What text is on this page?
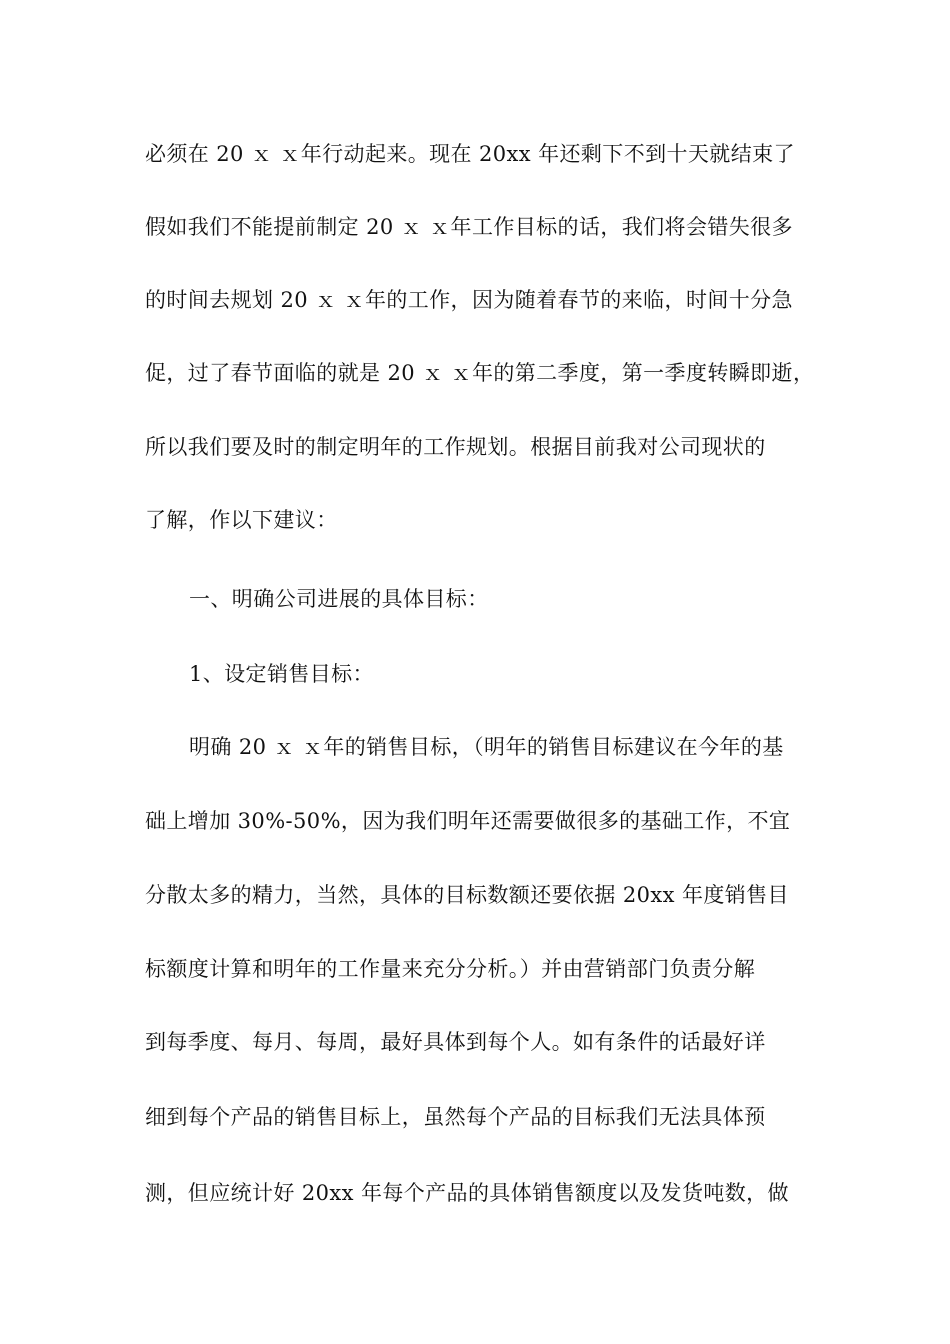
必须在 20 ｘ ｘ年行动起来。现在 20xx 年还剩下不到十天就结束了
假如我们不能提前制定 20 ｘ ｘ年工作目标的话，我们将会错失很多
的时间去规划 20 ｘ ｘ年的工作，因为随着春节的来临，时间十分急
促，过了春节面临的就是 20 ｘ ｘ年的第二季度，第一季度转瞬即逝，
所以我们要及时的制定明年的工作规划。根据目前我对公司现状的
了解，作以下建议：
一、明确公司进展的具体目标：
1、设定销售目标：
明确 20 ｘ ｘ年的销售目标，（明年的销售目标建议在今年的基
础上增加 30%-50%，因为我们明年还需要做很多的基础工作，不宜
分散太多的精力，当然，具体的目标数额还要依据 20xx 年度销售目
标额度计算和明年的工作量来充分分析。）并由营销部门负责分解
到每季度、每月、每周，最好具体到每个人。如有条件的话最好详
细到每个产品的销售目标上，虽然每个产品的目标我们无法具体预
测，但应统计好 20xx 年每个产品的具体销售额度以及发货吨数，做
